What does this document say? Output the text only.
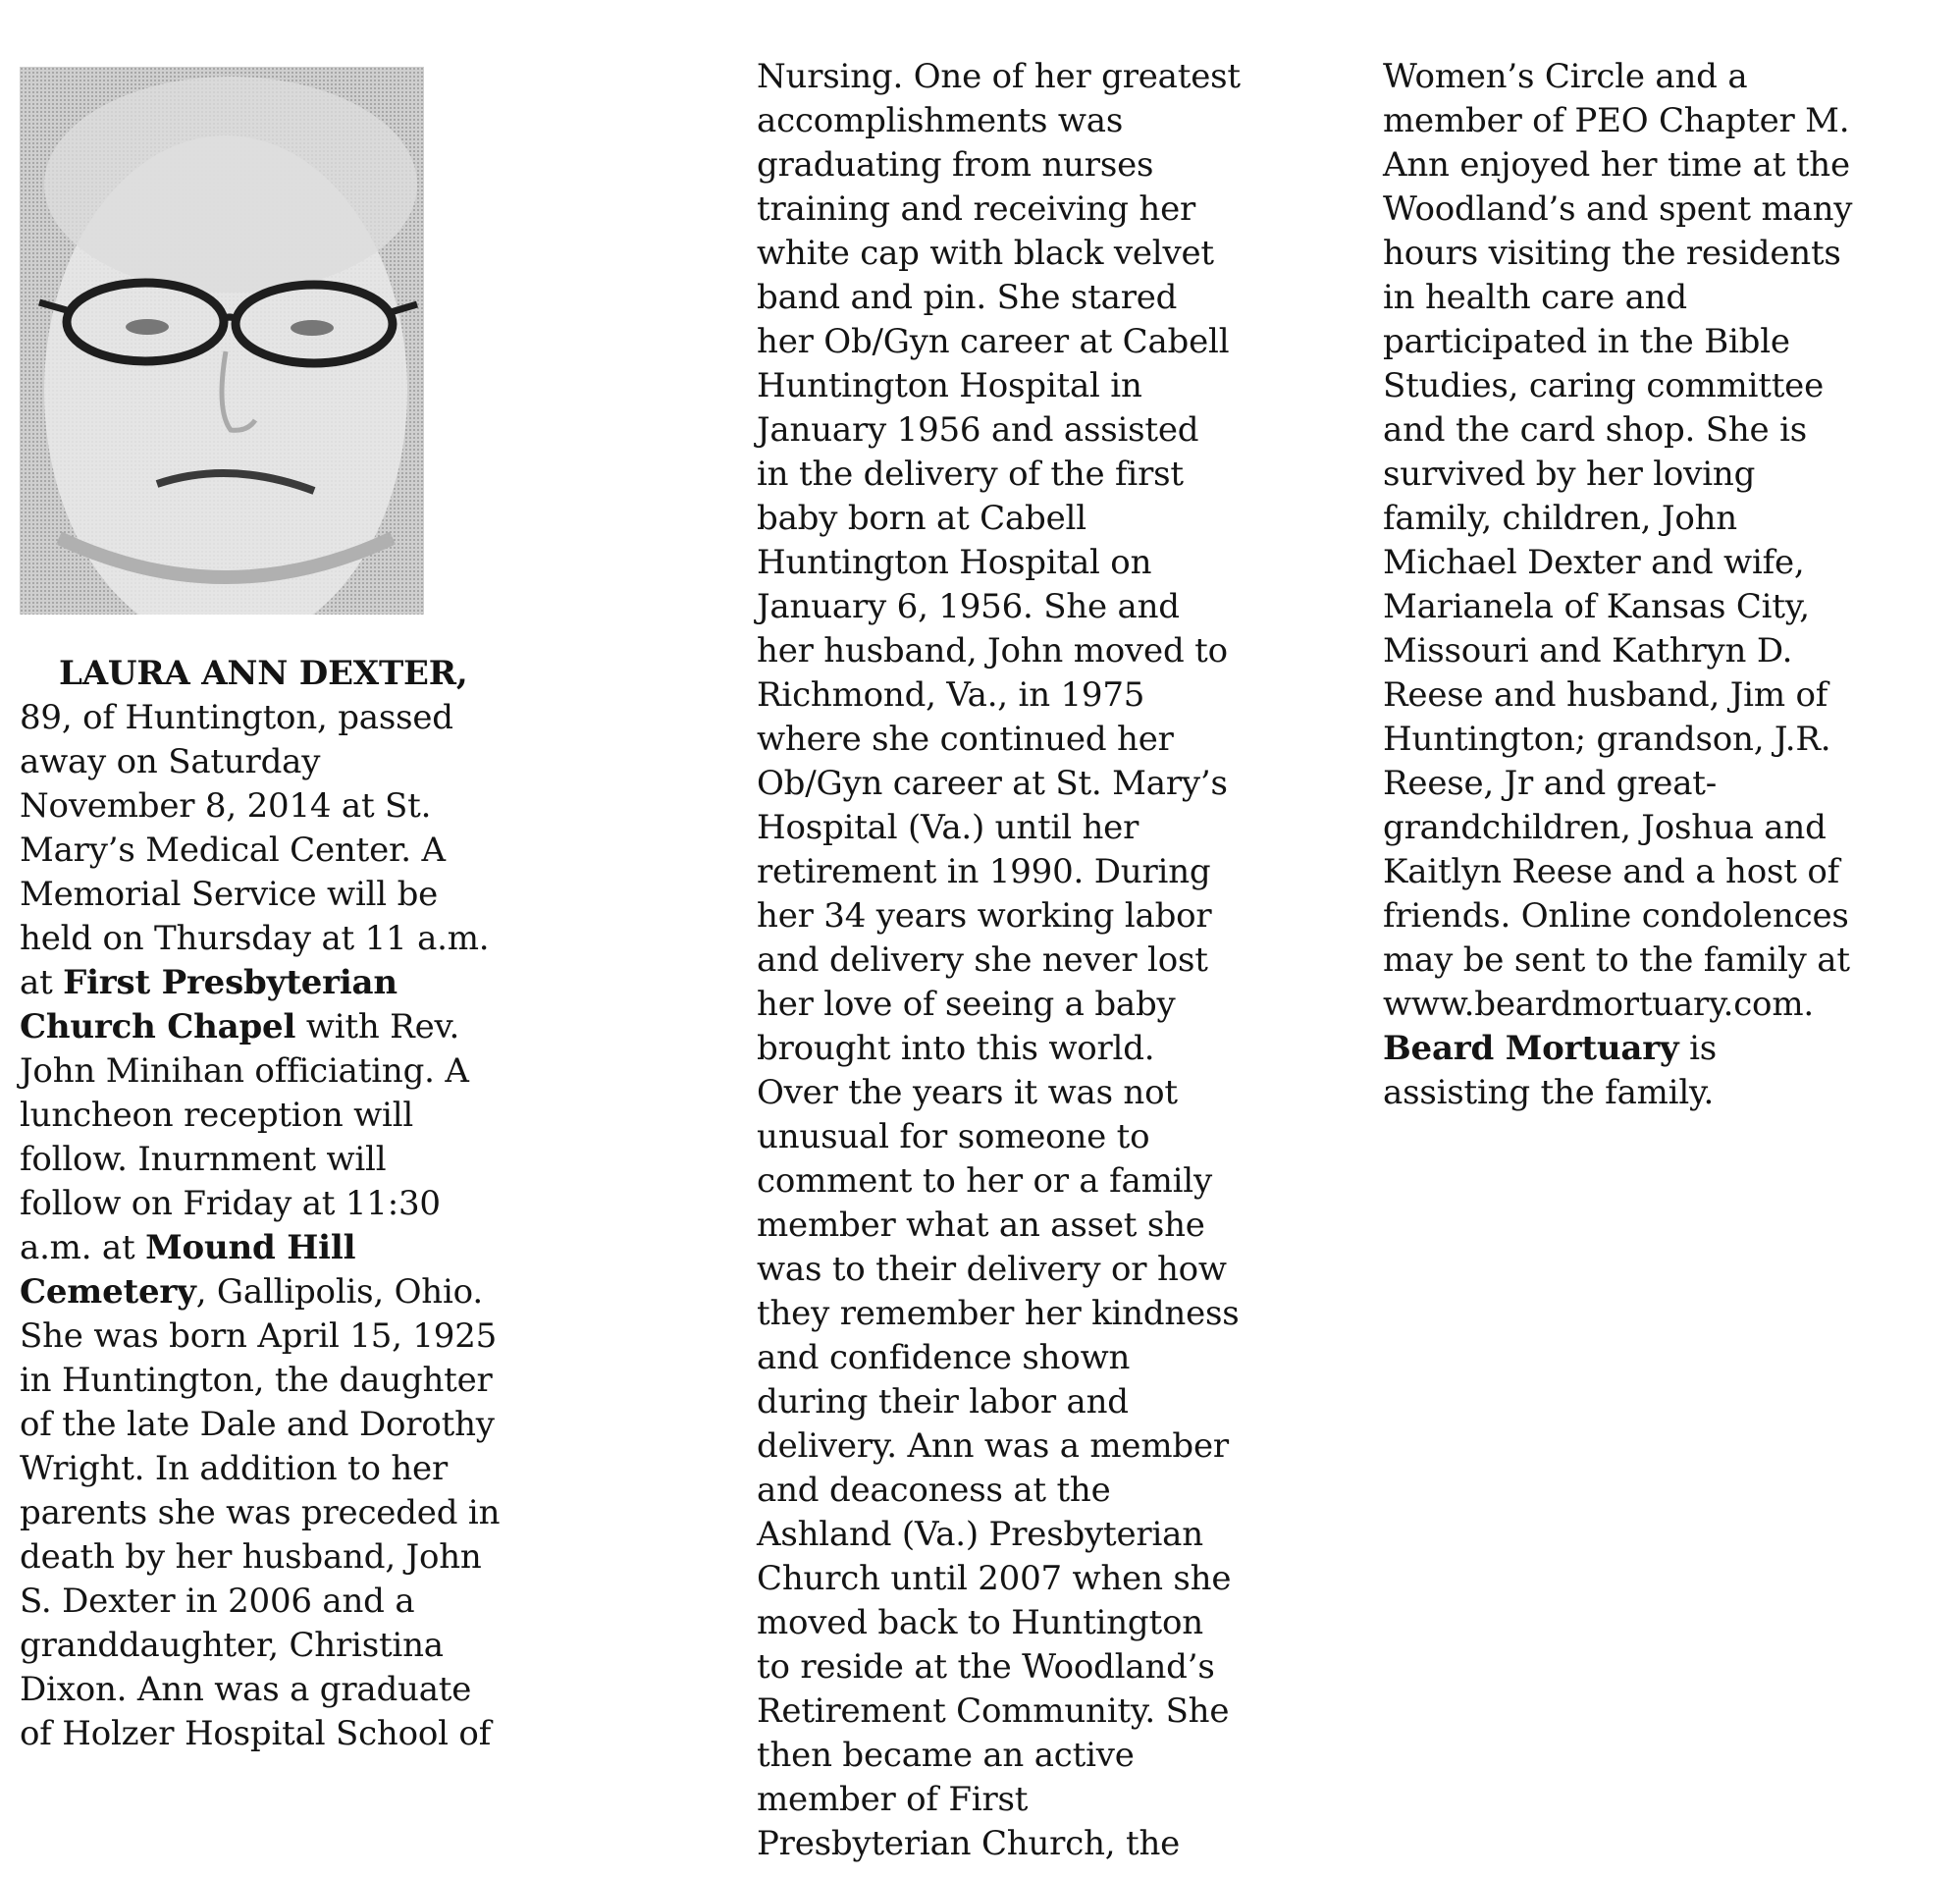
LAURA ANN DEXTER,
89, of Huntington, passed
away on Saturday
November 8, 2014 at St.
Mary’s Medical Center. A
Memorial Service will be
held on Thursday at 11 a.m.
at First Presbyterian
Church Chapel with Rev.
John Minihan officiating. A
luncheon reception will
follow. Inurnment will
follow on Friday at 11:30
a.m. at Mound Hill
Cemetery, Gallipolis, Ohio.
She was born April 15, 1925
in Huntington, the daughter
of the late Dale and Dorothy
Wright. In addition to her
parents she was preceded in
death by her husband, John
S. Dexter in 2006 and a
granddaughter, Christina
Dixon. Ann was a graduate
of Holzer Hospital School of
Nursing. One of her greatest
accomplishments was
graduating from nurses
training and receiving her
white cap with black velvet
band and pin. She stared
her Ob/Gyn career at Cabell
Huntington Hospital in
January 1956 and assisted
in the delivery of the first
baby born at Cabell
Huntington Hospital on
January 6, 1956. She and
her husband, John moved to
Richmond, Va., in 1975
where she continued her
Ob/Gyn career at St. Mary’s
Hospital (Va.) until her
retirement in 1990. During
her 34 years working labor
and delivery she never lost
her love of seeing a baby
brought into this world.
Over the years it was not
unusual for someone to
comment to her or a family
member what an asset she
was to their delivery or how
they remember her kindness
and confidence shown
during their labor and
delivery. Ann was a member
and deaconess at the
Ashland (Va.) Presbyterian
Church until 2007 when she
moved back to Huntington
to reside at the Woodland’s
Retirement Community. She
then became an active
member of First
Presbyterian Church, the
Women’s Circle and a
member of PEO Chapter M.
Ann enjoyed her time at the
Woodland’s and spent many
hours visiting the residents
in health care and
participated in the Bible
Studies, caring committee
and the card shop. She is
survived by her loving
family, children, John
Michael Dexter and wife,
Marianela of Kansas City,
Missouri and Kathryn D.
Reese and husband, Jim of
Huntington; grandson, J.R.
Reese, Jr and great-
grandchildren, Joshua and
Kaitlyn Reese and a host of
friends. Online condolences
may be sent to the family at
www.beardmortuary.com.
Beard Mortuary is
assisting the family.
